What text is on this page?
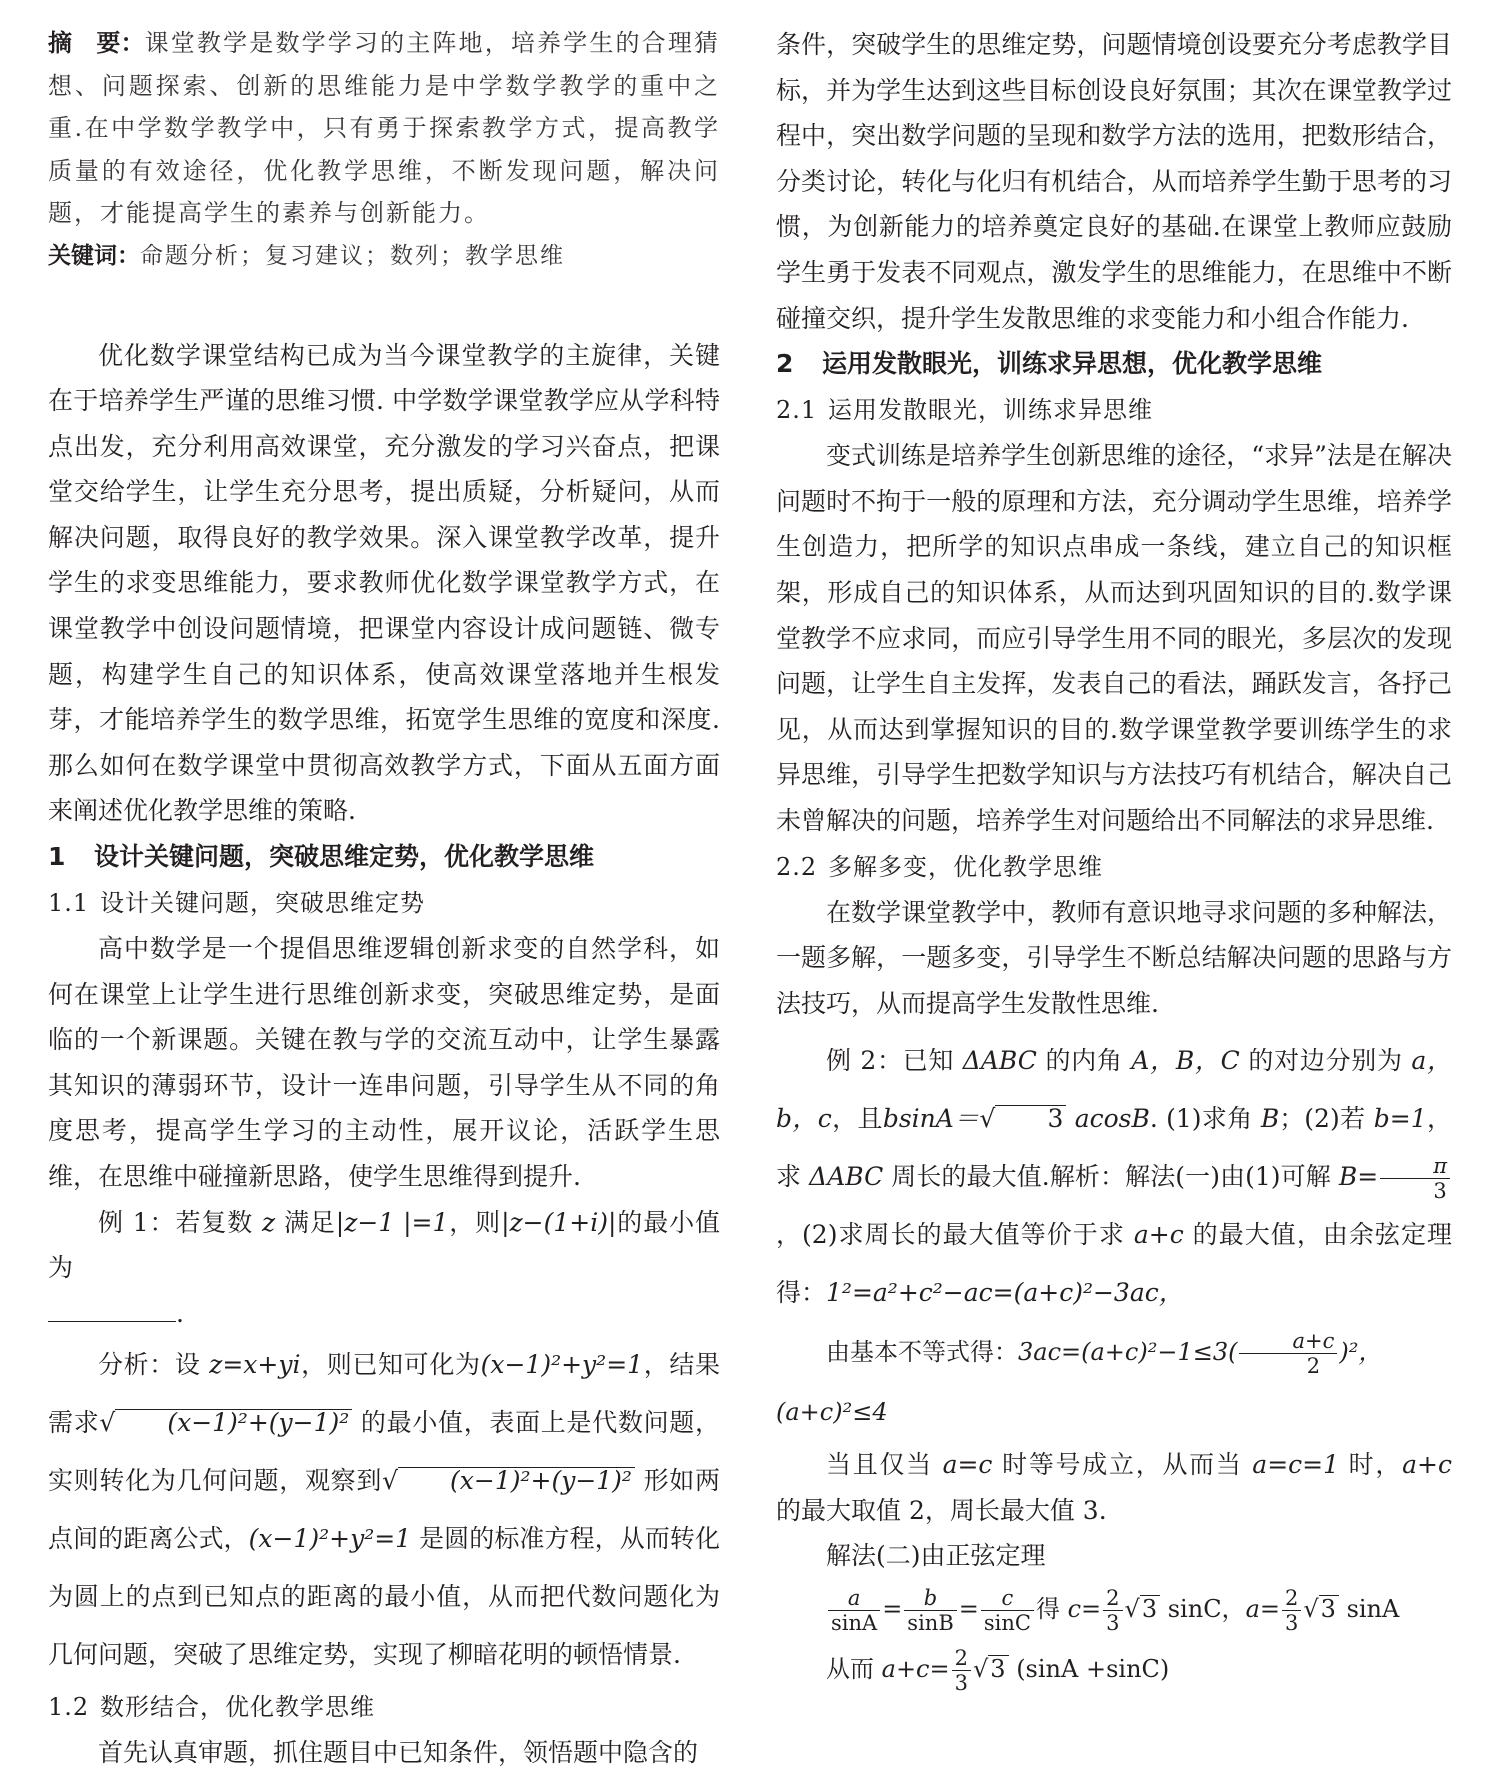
摘　要：课堂教学是数学学习的主阵地，培养学生的合理猜想、问题探索、创新的思维能力是中学数学教学的重中之重.在中学数学教学中，只有勇于探索教学方式，提高教学质量的有效途径，优化教学思维，不断发现问题，解决问题，才能提高学生的素养与创新能力。

关键词：命题分析；复习建议；数列；教学思维

优化数学课堂结构已成为当今课堂教学的主旋律，关键在于培养学生严谨的思维习惯. 中学数学课堂教学应从学科特点出发，充分利用高效课堂，充分激发的学习兴奋点，把课堂交给学生，让学生充分思考，提出质疑，分析疑问，从而解决问题，取得良好的教学效果。深入课堂教学改革，提升学生的求变思维能力，要求教师优化数学课堂教学方式，在课堂教学中创设问题情境，把课堂内容设计成问题链、微专题，构建学生自己的知识体系，使高效课堂落地并生根发芽，才能培养学生的数学思维，拓宽学生思维的宽度和深度.那么如何在数学课堂中贯彻高效教学方式，下面从五面方面来阐述优化教学思维的策略.

1 设计关键问题，突破思维定势，优化教学思维

1.1 设计关键问题，突破思维定势

高中数学是一个提倡思维逻辑创新求变的自然学科，如何在课堂上让学生进行思维创新求变，突破思维定势，是面临的一个新课题。关键在教与学的交流互动中，让学生暴露其知识的薄弱环节，设计一连串问题，引导学生从不同的角度思考，提高学生学习的主动性，展开议论，活跃学生思维，在思维中碰撞新思路，使学生思维得到提升.

例 1：若复数 z 满足|z−1 |=1，则|z−(1+i)|的最小值为
.

分析：设 z=x+yi，则已知可化为(x−1)²+y²=1，结果需求√ (x−1)²+(y−1)² 的最小值，表面上是代数问题，实则转化为几何问题，观察到√ (x−1)²+(y−1)² 形如两点间的距离公式，(x−1)²+y²=1 是圆的标准方程，从而转化为圆上的点到已知点的距离的最小值，从而把代数问题化为几何问题，突破了思维定势，实现了柳暗花明的顿悟情景.

1.2 数形结合，优化教学思维

首先认真审题，抓住题目中已知条件，领悟题中隐含的

条件，突破学生的思维定势，问题情境创设要充分考虑教学目标，并为学生达到这些目标创设良好氛围；其次在课堂教学过程中，突出数学问题的呈现和数学方法的选用，把数形结合，分类讨论，转化与化归有机结合，从而培养学生勤于思考的习惯，为创新能力的培养奠定良好的基础.在课堂上教师应鼓励学生勇于发表不同观点，激发学生的思维能力，在思维中不断碰撞交织，提升学生发散思维的求变能力和小组合作能力.

2 运用发散眼光，训练求异思想，优化教学思维

2.1 运用发散眼光，训练求异思维

变式训练是培养学生创新思维的途径，“求异”法是在解决问题时不拘于一般的原理和方法，充分调动学生思维，培养学生创造力，把所学的知识点串成一条线，建立自己的知识框架，形成自己的知识体系，从而达到巩固知识的目的.数学课堂教学不应求同，而应引导学生用不同的眼光，多层次的发现问题，让学生自主发挥，发表自己的看法，踊跃发言，各抒己见，从而达到掌握知识的目的.数学课堂教学要训练学生的求异思维，引导学生把数学知识与方法技巧有机结合，解决自己未曾解决的问题，培养学生对问题给出不同解法的求异思维.

2.2 多解多变，优化教学思维

在数学课堂教学中，教师有意识地寻求问题的多种解法，一题多解，一题多变，引导学生不断总结解决问题的思路与方法技巧，从而提高学生发散性思维.

例 2：已知 ΔABC 的内角 A，B，C 的对边分别为 a，b，c，且bsinA＝√ 3 acosB. (1)求角 B；(2)若 b=1，求 ΔABC 周长的最大值.解析：解法(一)由(1)可解 $B= \frac{\pi}{3}$
，(2)求周长的最大值等价于求 a+c 的最大值，由余弦定理得：1²=a²+c²−ac=(a+c)²−3ac，

由基本不等式得：$3ac=(a+c)^2-1\le 3( \frac{a+c}{2} )^2$，(a+c)²≤4

当且仅当 a=c 时等号成立，从而当 a=c=1 时，a+c 的最大取值 2，周长最大值 3.

解法(二)由正弦定理

$\frac{a}{\sin A} = \frac{b}{\sin B} = \frac{c}{\sin C}$ 得 $c= \frac{2}{3} √3$ sinC，$a= \frac{2}{3} √3$ sinA

从而 $a+c= \frac{2}{3} √3$ (sinA +sinC)
